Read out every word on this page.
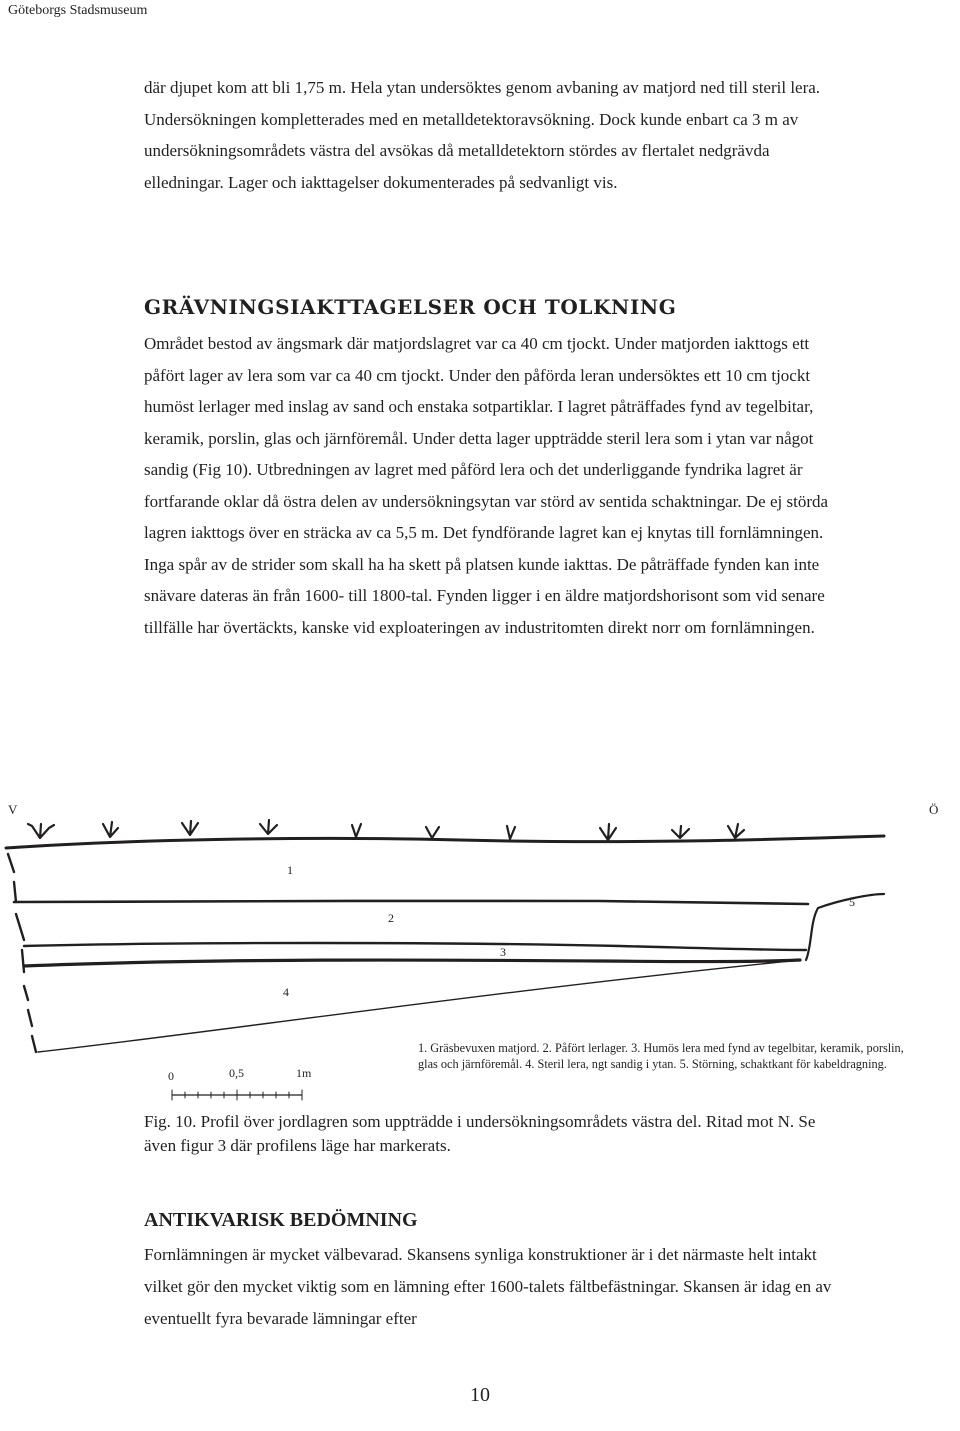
Göteborgs Stadsmuseum

där djupet kom att bli 1,75 m. Hela ytan undersöktes genom avbaning av matjord ned till steril lera. Undersökningen kompletterades med en metalldetektoravsökning. Dock kunde enbart ca 3 m av undersökningsområdets västra del avsökas då metalldetektorn stördes av flertalet nedgrävda elledningar. Lager och iakttagelser dokumenterades på sedvanligt vis.

GRÄVNINGSIAKTTAGELSER OCH TOLKNING

Området bestod av ängsmark där matjordslagret var ca 40 cm tjockt. Under matjorden iakttogs ett påfört lager av lera som var ca 40 cm tjockt. Under den påförda leran undersöktes ett 10 cm tjockt humöst lerlager med inslag av sand och enstaka sotpartiklar. I lagret påträffades fynd av tegelbitar, keramik, porslin, glas och järnföremål. Under detta lager uppträdde steril lera som i ytan var något sandig (Fig 10). Utbredningen av lagret med påförd lera och det underliggande fyndrika lagret är fortfarande oklar då östra delen av undersökningsytan var störd av sentida schaktningar. De ej störda lagren iakttogs över en sträcka av ca 5,5 m. Det fyndförande lagret kan ej knytas till fornlämningen. Inga spår av de strider som skall ha ha skett på platsen kunde iakttas. De påträffade fynden kan inte snävare dateras än från 1600- till 1800-tal. Fynden ligger i en äldre matjordshorisont som vid senare tillfälle har övertäckts, kanske vid exploateringen av industritomten direkt norr om fornlämningen.

V	Ö
1
2
3
4
5
1. Gräsbevuxen matjord. 2. Påfört lerlager. 3. Humös lera med fynd av tegelbitar, keramik, porslin,
glas och järnföremål. 4. Steril lera, ngt sandig i ytan. 5. Störning, schaktkant för kabeldragning.
0	0,5	1m

Fig. 10. Profil över jordlagren som uppträdde i undersökningsområdets västra del. Ritad mot N. Se även figur 3 där profilens läge har markerats.

ANTIKVARISK BEDÖMNING

Fornlämningen är mycket välbevarad. Skansens synliga konstruktioner är i det närmaste helt intakt vilket gör den mycket viktig som en lämning efter 1600-talets fältbefästningar. Skansen är idag en av eventuellt fyra bevarade lämningar efter

10
